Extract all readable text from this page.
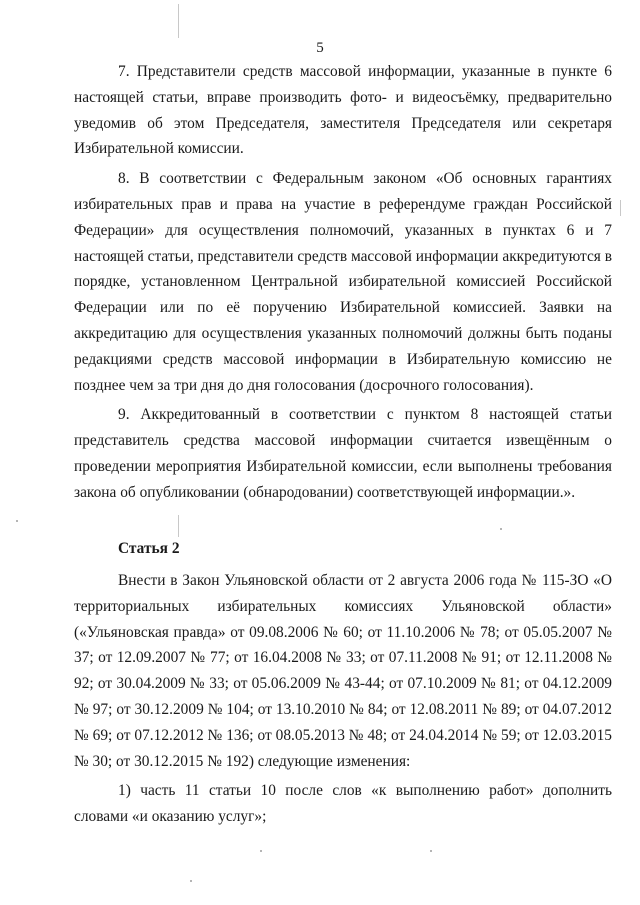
5

7. Представители средств массовой информации, указанные в пункте 6 настоящей статьи, вправе производить фото- и видеосъёмку, предварительно уведомив об этом Председателя, заместителя Председателя или секретаря Избирательной комиссии.

8. В соответствии с Федеральным законом «Об основных гарантиях избирательных прав и права на участие в референдуме граждан Российской Федерации» для осуществления полномочий, указанных в пунктах 6 и 7 настоящей статьи, представители средств массовой информации аккредитуются в порядке, установленном Центральной избирательной комиссией Российской Федерации или по её поручению Избирательной комиссией. Заявки на аккредитацию для осуществления указанных полномочий должны быть поданы редакциями средств массовой информации в Избирательную комиссию не позднее чем за три дня до дня голосования (досрочного голосования).

9. Аккредитованный в соответствии с пунктом 8 настоящей статьи представитель средства массовой информации считается извещённым о проведении мероприятия Избирательной комиссии, если выполнены требования закона об опубликовании (обнародовании) соответствующей информации.».

Статья 2

Внести в Закон Ульяновской области от 2 августа 2006 года № 115-ЗО «О территориальных избирательных комиссиях Ульяновской области» («Ульяновская правда» от 09.08.2006 № 60; от 11.10.2006 № 78; от 05.05.2007 № 37; от 12.09.2007 № 77; от 16.04.2008 № 33; от 07.11.2008 № 91; от 12.11.2008 № 92; от 30.04.2009 № 33; от 05.06.2009 № 43-44; от 07.10.2009 № 81; от 04.12.2009 № 97; от 30.12.2009 № 104; от 13.10.2010 № 84; от 12.08.2011 № 89; от 04.07.2012 № 69; от 07.12.2012 № 136; от 08.05.2013 № 48; от 24.04.2014 № 59; от 12.03.2015 № 30; от 30.12.2015 № 192) следующие изменения:

1) часть 11 статьи 10 после слов «к выполнению работ» дополнить словами «и оказанию услуг»;
